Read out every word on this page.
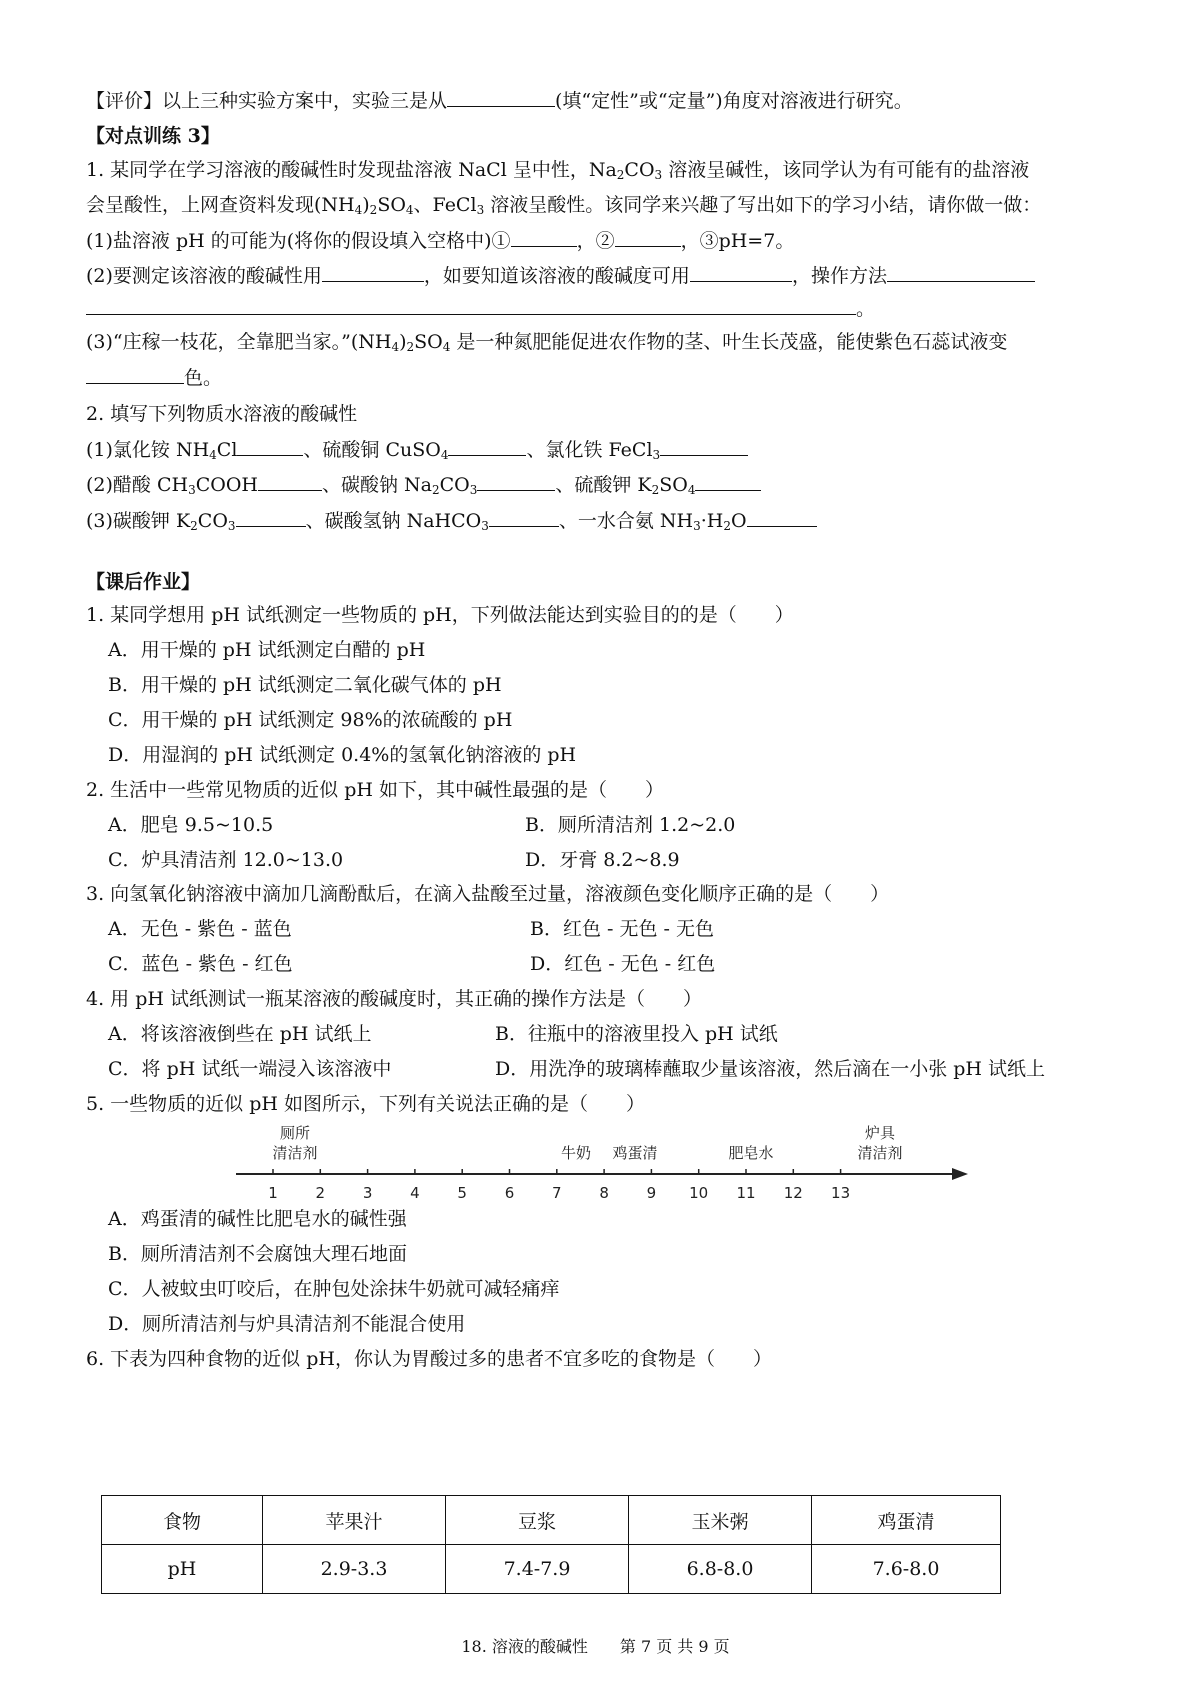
【评价】以上三种实验方案中，实验三是从	(填“定性”或“定量”)角度对溶液进行研究。
【对点训练 3】
1. 某同学在学习溶液的酸碱性时发现盐溶液 NaCl 呈中性，$Na_2CO_3$ 溶液呈碱性，该同学认为有可能有的盐溶液
会呈酸性，上网查资料发现$(NH_4)_2SO_4$、FeCl$_3$ 溶液呈酸性。该同学来兴趣了写出如下的学习小结，请你做一做：
(1)盐溶液 pH 的可能为(将你的假设填入空格中)①	，②	，③pH=7。
(2)要测定该溶液的酸碱性用	，如要知道该溶液的酸碱度可用	，操作方法
。
(3)“庄稼一枝花，全靠肥当家。$”(NH_4)_2SO_4$ 是一种氮肥能促进农作物的茎、叶生长茂盛，能使紫色石蕊试液变
色。
2. 填写下列物质水溶液的酸碱性
(1)氯化铵 $NH_4Cl$	、硫酸铜 CuSO$_4$	、氯化铁 FeCl$_3$
(2)醋酸 $CH_3COOH$	、碳酸钠 $Na_2CO_3$	、硫酸钾 $K_2SO_4$
(3)碳酸钾 $K_2CO_3$	、碳酸氢钠 NaHCO$_3$	、一水合氨 $NH_3\cdot H_2O$
【课后作业】
1. 某同学想用 pH 试纸测定一些物质的 pH，下列做法能达到实验目的的是（　　）
A．用干燥的 pH 试纸测定白醋的 pH
B．用干燥的 pH 试纸测定二氧化碳气体的 pH
C．用干燥的 pH 试纸测定 98%的浓硫酸的 pH
D．用湿润的 pH 试纸测定 0.4%的氢氧化钠溶液的 pH
2. 生活中一些常见物质的近似 pH 如下，其中碱性最强的是（　　）
A．肥皂 9.5~10.5	B．厕所清洁剂 1.2~2.0
C．炉具清洁剂 12.0~13.0	D．牙膏 8.2~8.9
3. 向氢氧化钠溶液中滴加几滴酚酞后，在滴入盐酸至过量，溶液颜色变化顺序正确的是（　　）
A．无色 - 紫色 - 蓝色	B．红色 - 无色 - 无色
C．蓝色 - 紫色 - 红色	D．红色 - 无色 - 红色
4. 用 pH 试纸测试一瓶某溶液的酸碱度时，其正确的操作方法是（　　）
A．将该溶液倒些在 pH 试纸上	B．往瓶中的溶液里投入 pH 试纸
C．将 pH 试纸一端浸入该溶液中	D．用洗净的玻璃棒蘸取少量该溶液，然后滴在一小张 pH 试纸上
5. 一些物质的近似 pH 如图所示，下列有关说法正确的是（　　）
厕所
清洁剂	牛奶 鸡蛋清	肥皂水
炉具
清洁剂
1	2	3	4	5	6	7	8	9 10 11 12 13
A．鸡蛋清的碱性比肥皂水的碱性强
B．厕所清洁剂不会腐蚀大理石地面
C．人被蚊虫叮咬后，在肿包处涂抹牛奶就可减轻痛痒
D．厕所清洁剂与炉具清洁剂不能混合使用
6. 下表为四种食物的近似 pH，你认为胃酸过多的患者不宜多吃的食物是（　　）
食物	苹果汁	豆浆	玉米粥	鸡蛋清
pH	2.9-3.3	7.4-7.9	6.8-8.0	7.6-8.0
18. 溶液的酸碱性　　第 7 页 共 9 页
